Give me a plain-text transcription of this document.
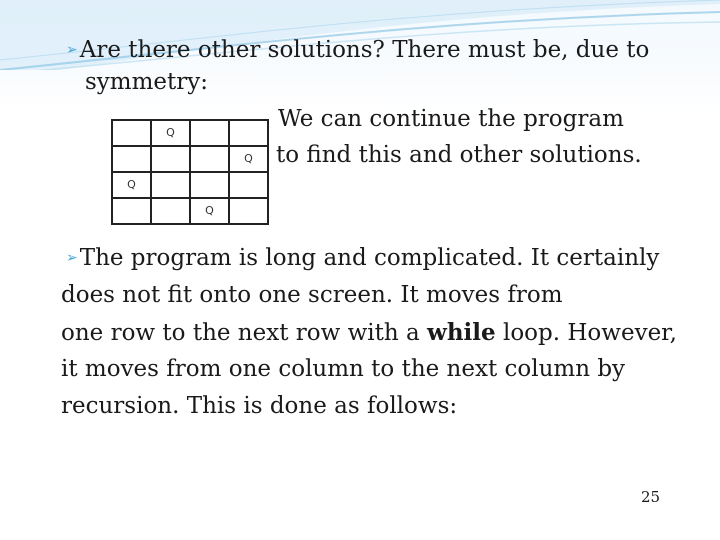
➢Are there other solutions? There must be, due to
symmetry:
We can continue the program
to find this and other solutions.
	Q		
			Q
Q			
		Q	
➢The program is long and complicated. It certainly
does not fit onto one screen. It moves from
one row to the next row with a while loop. However,
it moves from one column to the next column by
recursion. This is done as follows:
25
